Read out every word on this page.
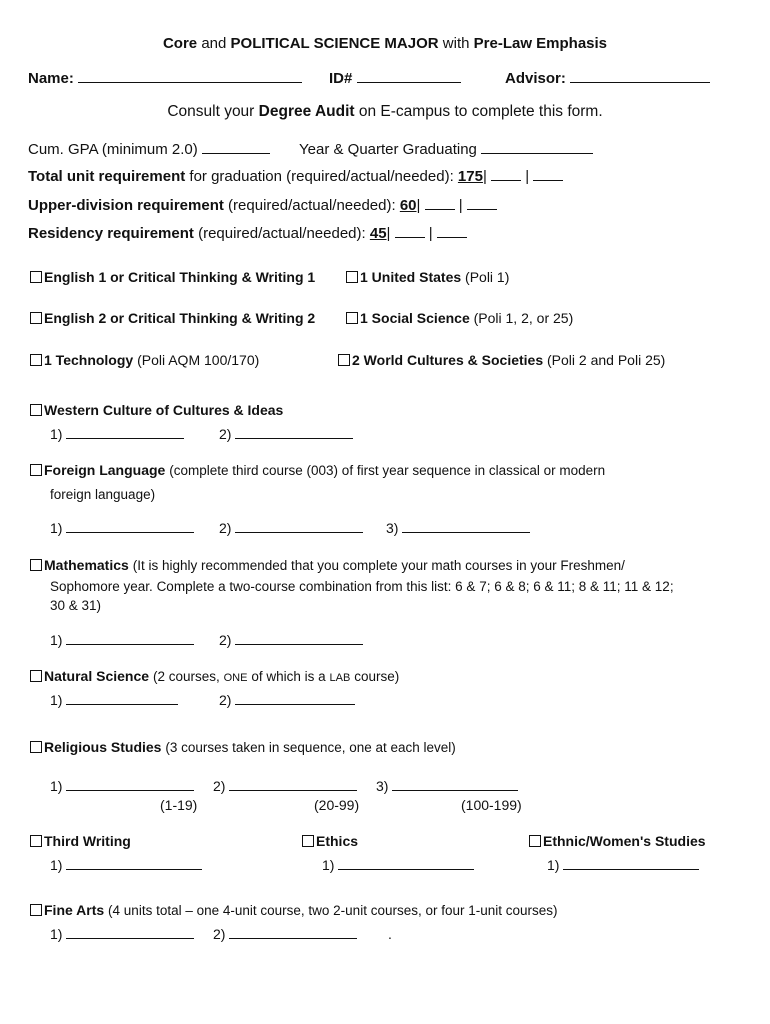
Core and POLITICAL SCIENCE MAJOR with Pre-Law Emphasis
Name:	ID#	Advisor:
Consult your Degree Audit on E-campus to complete this form.
Cum. GPA (minimum 2.0)	Year & Quarter Graduating
Total unit requirement for graduation (required/actual/needed): 175|  |
Upper-division requirement (required/actual/needed): 60|  |
Residency requirement (required/actual/needed): 45|  |
English 1 or Critical Thinking & Writing 1	1 United States (Poli 1)
English 2 or Critical Thinking & Writing 2	1 Social Science (Poli 1, 2, or 25)
1 Technology (Poli AQM 100/170)	2 World Cultures & Societies (Poli 2 and Poli 25)
Western Culture of Cultures & Ideas
1)	2)
Foreign Language (complete third course (003) of first year sequence in classical or modern
foreign language)
1)	2)	3)
Mathematics (It is highly recommended that you complete your math courses in your Freshmen/
Sophomore year. Complete a two-course combination from this list: 6 & 7; 6 & 8; 6 & 11; 8 & 11; 11 & 12;
30 & 31)
1)	2)
Natural Science (2 courses, ONE of which is a LAB course)
1)	2)
Religious Studies (3 courses taken in sequence, one at each level)
1)	2)	3)
(1-19)	(20-99)	(100-199)
Third Writing	Ethics	Ethnic/Women's Studies
1)	1)	1)
Fine Arts (4 units total – one 4-unit course, two 2-unit courses, or four 1-unit courses)
1)	2)	.
